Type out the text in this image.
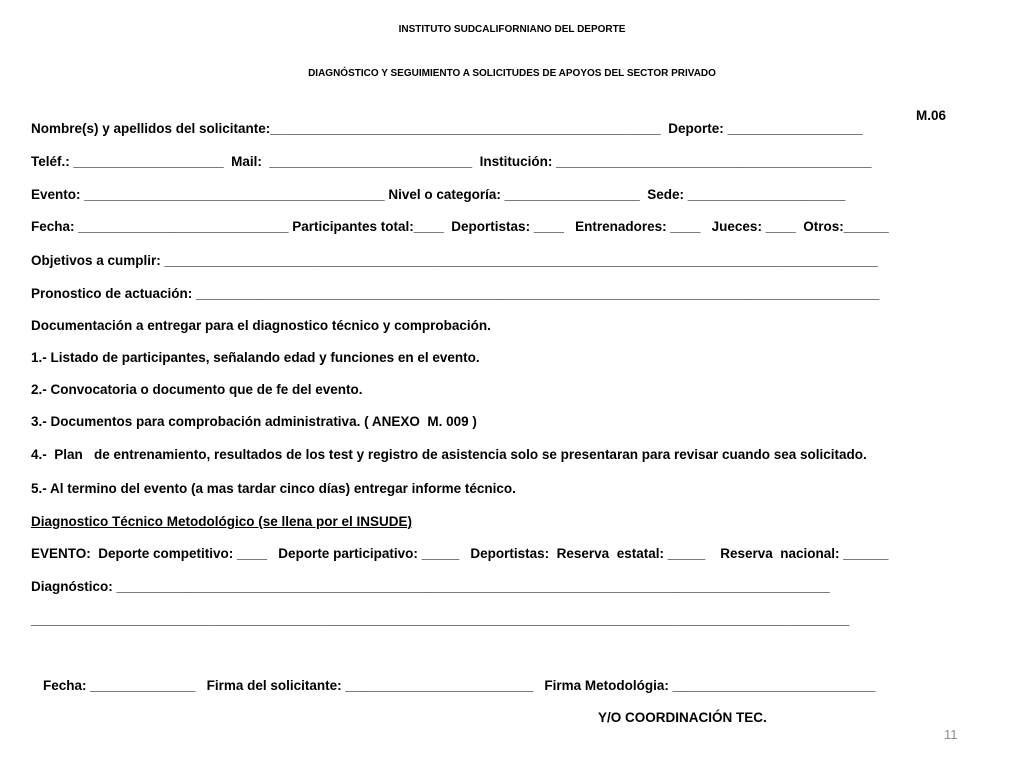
INSTITUTO SUDCALIFORNIANO DEL DEPORTE
DIAGNÓSTICO Y SEGUIMIENTO A SOLICITUDES DE APOYOS DEL SECTOR PRIVADO
M.06
Nombre(s) y apellidos del solicitante:____________________________________________________  Deporte: __________________
Teléf.: ____________________  Mail:  ___________________________  Institución: __________________________________________
Evento: ________________________________________ Nivel o categoría: __________________  Sede: _____________________
Fecha: ____________________________ Participantes total:____  Deportistas: ____   Entrenadores: ____   Jueces: ____  Otros:______
Objetivos a cumplir: _______________________________________________________________________________________________
Pronostico de actuación: ___________________________________________________________________________________________
Documentación a entregar para el diagnostico técnico y comprobación.
1.- Listado de participantes, señalando edad y funciones en el evento.
2.- Convocatoria o documento que de fe del evento.
3.- Documentos para comprobación administrativa. ( ANEXO  M. 009 )
4.-  Plan   de entrenamiento, resultados de los test y registro de asistencia solo se presentaran para revisar cuando sea solicitado.
5.- Al termino del evento (a mas tardar cinco días) entregar informe técnico.
Diagnostico Técnico Metodológico (se llena por el INSUDE)
EVENTO:  Deporte competitivo: ____   Deporte participativo: _____   Deportistas:  Reserva  estatal: _____    Reserva  nacional: ______
Diagnóstico: _______________________________________________________________________________________________
_____________________________________________________________________________________________________________
Fecha: ______________   Firma del solicitante: _________________________   Firma Metodológia: ___________________________
Y/O COORDINACIÓN TEC.
11
